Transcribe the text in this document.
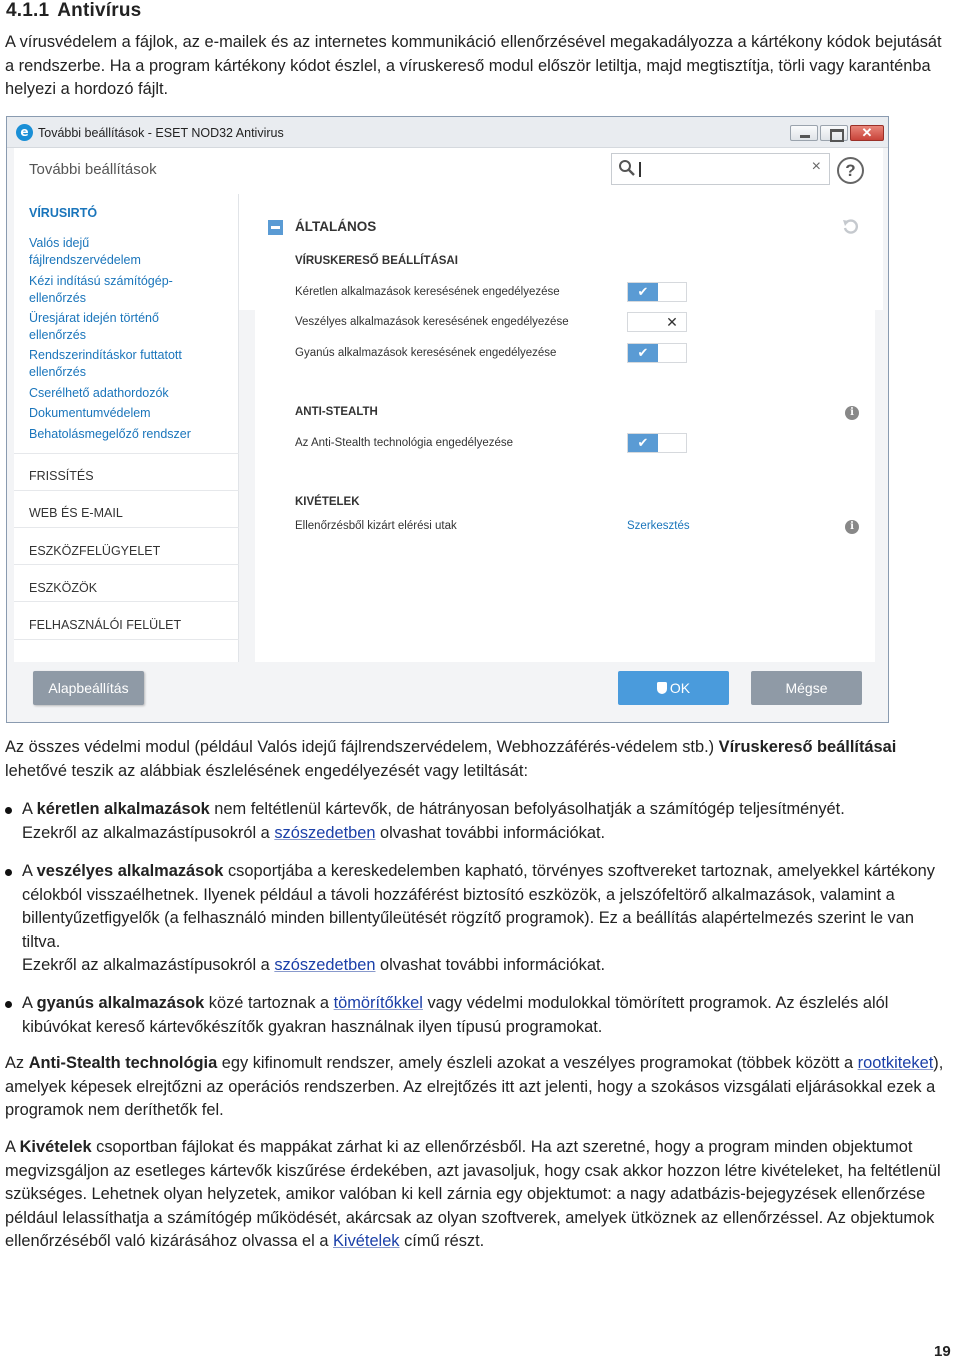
4.1.1 Antivírus
A vírusvédelem a fájlok, az e-mailek és az internetes kommunikáció ellenőrzésével megakadályozza a kártékony kódok bejutását a rendszerbe. Ha a program kártékony kódot észlel, a víruskereső modul először letiltja, majd megtisztítja, törli vagy karanténba helyezi a hordozó fájlt.
e További beállítások - ESET NOD32 Antivirus	✕
További beállítások	×	?
VÍRUSIRTÓ
Valós idejű
fájlrendszervédelem
Kézi indítású számítógép-
ellenőrzés
Üresjárat idején történő
ellenőrzés
Rendszerindításkor futtatott
ellenőrzés
Cserélhető adathordozók
Dokumentumvédelem
Behatolásmegelőző rendszer
FRISSÍTÉS
WEB ÉS E-MAIL
ESZKÖZFELÜGYELET
ESZKÖZÖK
FELHASZNÁLÓI FELÜLET
ÁLTALÁNOS
VÍRUSKERESŐ BEÁLLÍTÁSAI
Kéretlen alkalmazások keresésének engedélyezése	✔
Veszélyes alkalmazások keresésének engedélyezése	✕
Gyanús alkalmazások keresésének engedélyezése	✔
ANTI-STEALTH	i
Az Anti-Stealth technológia engedélyezése	✔
KIVÉTELEK
Ellenőrzésből kizárt elérési utak	Szerkesztés	i
Alapbeállítás	OK	Mégse
Az összes védelmi modul (például Valós idejű fájlrendszervédelem, Webhozzáférés-védelem stb.) Víruskereső beállításai lehetővé teszik az alábbiak észlelésének engedélyezését vagy letiltását:
A kéretlen alkalmazások nem feltétlenül kártevők, de hátrányosan befolyásolhatják a számítógép teljesítményét.
Ezekről az alkalmazástípusokról a szószedetben olvashat további információkat.
A veszélyes alkalmazások csoportjába a kereskedelemben kapható, törvényes szoftvereket tartoznak, amelyekkel kártékony célokból visszaélhetnek. Ilyenek például a távoli hozzáférést biztosító eszközök, a jelszófeltörő alkalmazások, valamint a billentyűzetfigyelők (a felhasználó minden billentyűleütését rögzítő programok). Ez a beállítás alapértelmezés szerint le van tiltva.
Ezekről az alkalmazástípusokról a szószedetben olvashat további információkat.
A gyanús alkalmazások közé tartoznak a tömörítőkkel vagy védelmi modulokkal tömörített programok. Az észlelés alól kibúvókat kereső kártevőkészítők gyakran használnak ilyen típusú programokat.
Az Anti-Stealth technológia egy kifinomult rendszer, amely észleli azokat a veszélyes programokat (többek között a rootkiteket), amelyek képesek elrejtőzni az operációs rendszerben. Az elrejtőzés itt azt jelenti, hogy a szokásos vizsgálati eljárásokkal ezek a programok nem deríthetők fel.
A Kivételek csoportban fájlokat és mappákat zárhat ki az ellenőrzésből. Ha azt szeretné, hogy a program minden objektumot megvizsgáljon az esetleges kártevők kiszűrése érdekében, azt javasoljuk, hogy csak akkor hozzon létre kivételeket, ha feltétlenül szükséges. Lehetnek olyan helyzetek, amikor valóban ki kell zárnia egy objektumot: a nagy adatbázis-bejegyzések ellenőrzése például lelassíthatja a számítógép működését, akárcsak az olyan szoftverek, amelyek ütköznek az ellenőrzéssel. Az objektumok ellenőrzéséből való kizárásához olvassa el a Kivételek című részt.
19
